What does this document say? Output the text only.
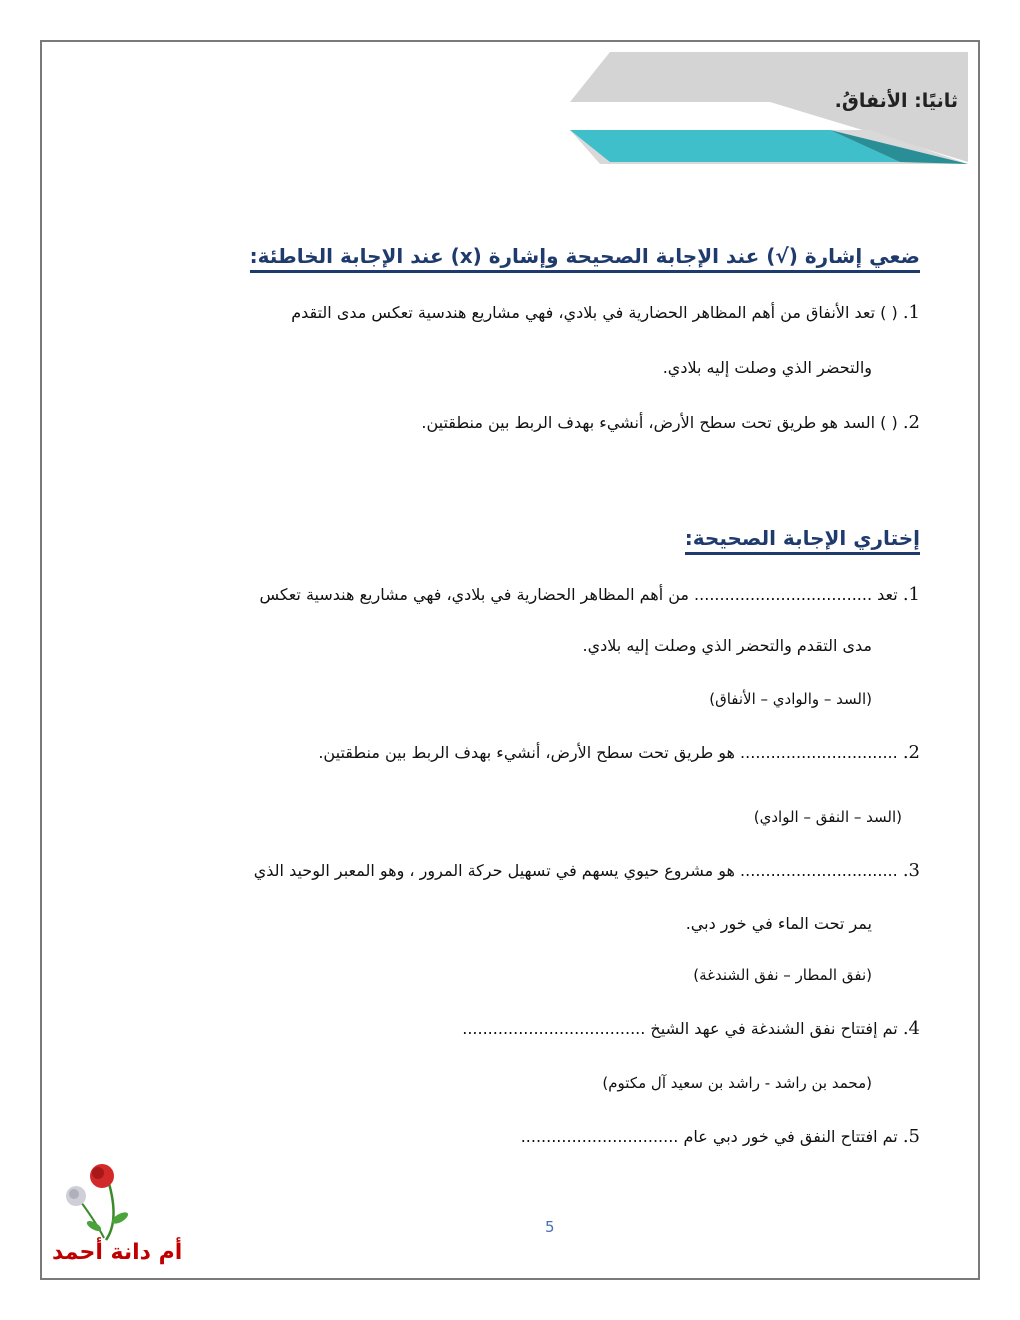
ثانيًا: الأنفاقُ.
ضعي إشارة (√) عند الإجابة الصحيحة وإشارة (x) عند الإجابة الخاطئة:
1. ( ) تعد الأنفاق من أهم المظاهر الحضارية في بلادي، فهي مشاريع هندسية تعكس مدى التقدم
والتحضر الذي وصلت إليه بلادي.
2. ( ) السد هو طريق تحت سطح الأرض، أنشيء بهدف الربط بين منطقتين.
إختاري الإجابة الصحيحة:
1. تعد ................................... من أهم المظاهر الحضارية في بلادي، فهي مشاريع هندسية تعكس
مدى التقدم والتحضر الذي وصلت إليه بلادي.
(السد – والوادي – الأنفاق)
2. ............................... هو طريق تحت سطح الأرض، أنشيء بهدف الربط بين منطقتين.
(السد – النفق – الوادي)
3. ............................... هو مشروع حيوي يسهم في تسهيل حركة المرور ، وهو المعبر الوحيد الذي
يمر تحت الماء في خور دبي.
(نفق المطار – نفق الشندغة)
4. تم إفتتاح نفق الشندغة في عهد الشيخ ....................................
(محمد بن راشد - راشد بن سعيد آل مكتوم)
5. تم افتتاح النفق في خور دبي عام ...............................
5
أم دانة أحمد
